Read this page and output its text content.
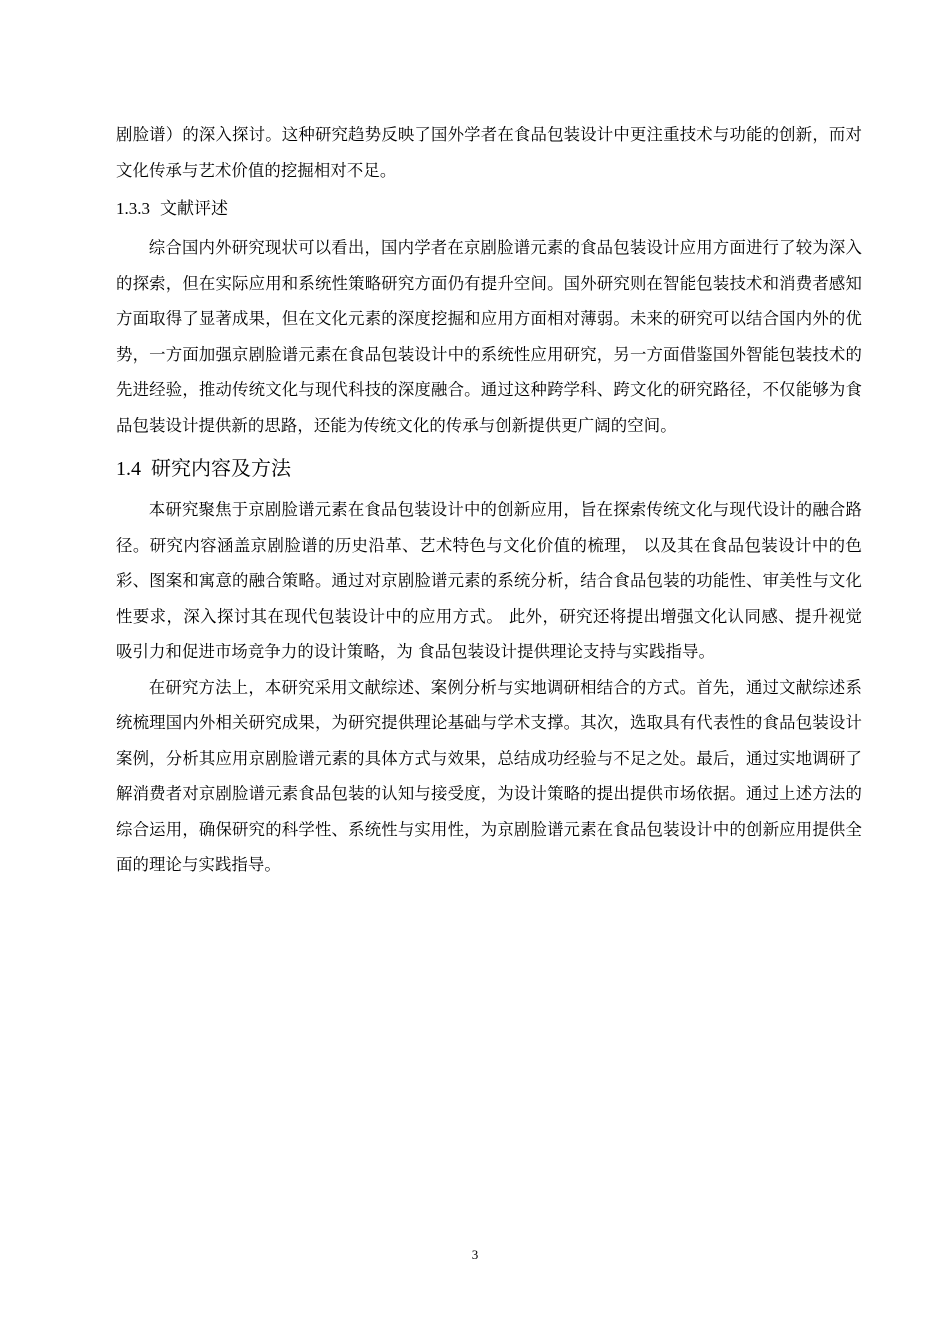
剧脸谱）的深入探讨。这种研究趋势反映了国外学者在食品包装设计中更注重技术与功能的创新，而对文化传承与艺术价值的挖掘相对不足。

1.3.3 文献评述

综合国内外研究现状可以看出，国内学者在京剧脸谱元素的食品包装设计应用方面进行了较为深入的探索，但在实际应用和系统性策略研究方面仍有提升空间。国外研究则在智能包装技术和消费者感知方面取得了显著成果，但在文化元素的深度挖掘和应用方面相对薄弱。未来的研究可以结合国内外的优势，一方面加强京剧脸谱元素在食品包装设计中的系统性应用研究，另一方面借鉴国外智能包装技术的先进经验，推动传统文化与现代科技的深度融合。通过这种跨学科、跨文化的研究路径，不仅能够为食品包装设计提供新的思路，还能为传统文化的传承与创新提供更广阔的空间。

1.4 研究内容及方法

本研究聚焦于京剧脸谱元素在食品包装设计中的创新应用，旨在探索传统文化与现代设计的融合路径。研究内容涵盖京剧脸谱的历史沿革、艺术特色与文化价值的梳理， 以及其在食品包装设计中的色彩、图案和寓意的融合策略。通过对京剧脸谱元素的系统分析，结合食品包装的功能性、审美性与文化性要求，深入探讨其在现代包装设计中的应用方式。 此外，研究还将提出增强文化认同感、提升视觉吸引力和促进市场竞争力的设计策略，为 食品包装设计提供理论支持与实践指导。

在研究方法上，本研究采用文献综述、案例分析与实地调研相结合的方式。首先，通过文献综述系统梳理国内外相关研究成果，为研究提供理论基础与学术支撑。其次，选取具有代表性的食品包装设计案例，分析其应用京剧脸谱元素的具体方式与效果，总结成功经验与不足之处。最后，通过实地调研了解消费者对京剧脸谱元素食品包装的认知与接受度，为设计策略的提出提供市场依据。通过上述方法的综合运用，确保研究的科学性、系统性与实用性，为京剧脸谱元素在食品包装设计中的创新应用提供全面的理论与实践指导。

3
